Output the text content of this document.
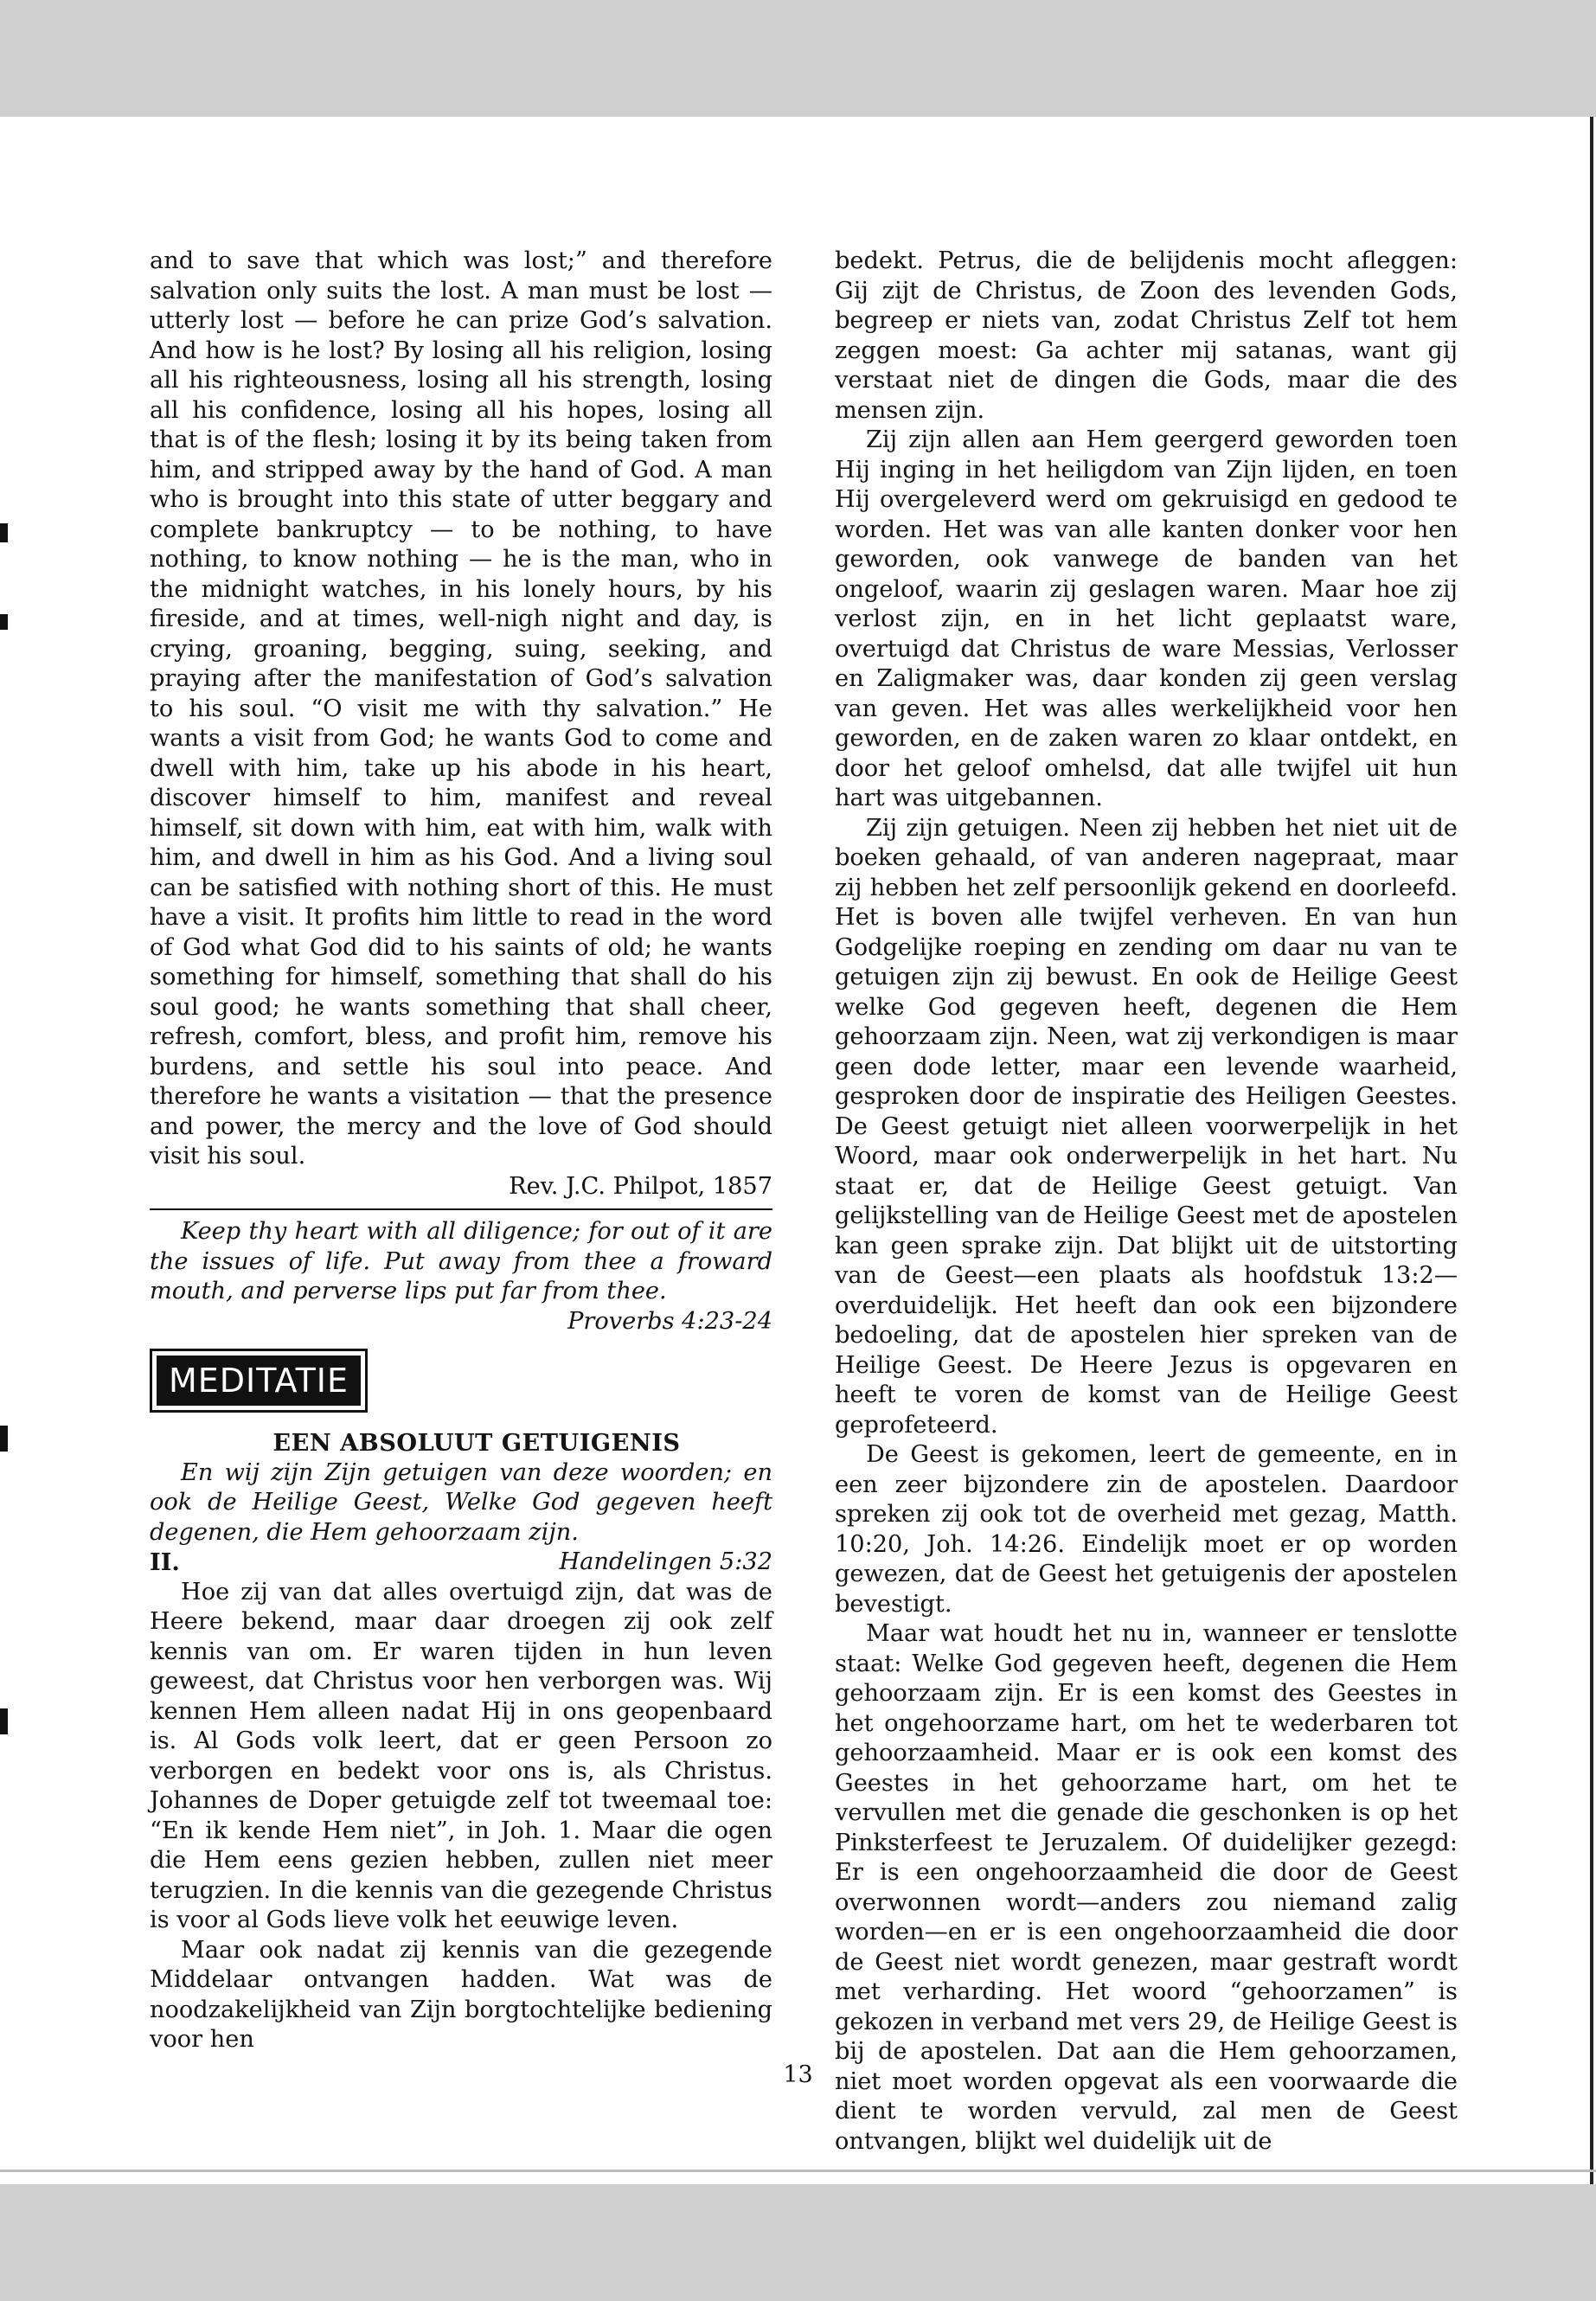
and to save that which was lost;” and therefore salvation only suits the lost. A man must be lost — utterly lost — before he can prize God’s salvation. And how is he lost? By losing all his religion, losing all his righteousness, losing all his strength, losing all his confidence, losing all his hopes, losing all that is of the flesh; losing it by its being taken from him, and stripped away by the hand of God. A man who is brought into this state of utter beggary and complete bankruptcy — to be nothing, to have nothing, to know nothing — he is the man, who in the midnight watches, in his lonely hours, by his fireside, and at times, well-nigh night and day, is crying, groaning, begging, suing, seeking, and praying after the manifestation of God’s salvation to his soul. “O visit me with thy salvation.” He wants a visit from God; he wants God to come and dwell with him, take up his abode in his heart, discover himself to him, manifest and reveal himself, sit down with him, eat with him, walk with him, and dwell in him as his God. And a living soul can be satisfied with nothing short of this. He must have a visit. It profits him little to read in the word of God what God did to his saints of old; he wants something for himself, something that shall do his soul good; he wants something that shall cheer, refresh, comfort, bless, and profit him, remove his burdens, and settle his soul into peace. And therefore he wants a visitation — that the presence and power, the mercy and the love of God should visit his soul.

Rev. J.C. Philpot, 1857

Keep thy heart with all diligence; for out of it are the issues of life. Put away from thee a froward mouth, and perverse lips put far from thee.

Proverbs 4:23-24

MEDITATIE

EEN ABSOLUUT GETUIGENIS

En wij zijn Zijn getuigen van deze woorden; en ook de Heilige Geest, Welke God gegeven heeft degenen, die Hem gehoorzaam zijn.

II.	Handelingen 5:32

Hoe zij van dat alles overtuigd zijn, dat was de Heere bekend, maar daar droegen zij ook zelf kennis van om. Er waren tijden in hun leven geweest, dat Christus voor hen verborgen was. Wij kennen Hem alleen nadat Hij in ons geopenbaard is. Al Gods volk leert, dat er geen Persoon zo verborgen en bedekt voor ons is, als Christus. Johannes de Doper getuigde zelf tot tweemaal toe: “En ik kende Hem niet”, in Joh. 1. Maar die ogen die Hem eens gezien hebben, zullen niet meer terugzien. In die kennis van die gezegende Christus is voor al Gods lieve volk het eeuwige leven.

Maar ook nadat zij kennis van die gezegende Middelaar ontvangen hadden. Wat was de noodzakelijkheid van Zijn borgtochtelijke bediening voor hen

bedekt. Petrus, die de belijdenis mocht afleggen: Gij zijt de Christus, de Zoon des levenden Gods, begreep er niets van, zodat Christus Zelf tot hem zeggen moest: Ga achter mij satanas, want gij verstaat niet de dingen die Gods, maar die des mensen zijn.

Zij zijn allen aan Hem geergerd geworden toen Hij inging in het heiligdom van Zijn lijden, en toen Hij overgeleverd werd om gekruisigd en gedood te worden. Het was van alle kanten donker voor hen geworden, ook vanwege de banden van het ongeloof, waarin zij geslagen waren. Maar hoe zij verlost zijn, en in het licht geplaatst ware, overtuigd dat Christus de ware Messias, Verlosser en Zaligmaker was, daar konden zij geen verslag van geven. Het was alles werkelijkheid voor hen geworden, en de zaken waren zo klaar ontdekt, en door het geloof omhelsd, dat alle twijfel uit hun hart was uitgebannen.

Zij zijn getuigen. Neen zij hebben het niet uit de boeken gehaald, of van anderen nagepraat, maar zij hebben het zelf persoonlijk gekend en doorleefd. Het is boven alle twijfel verheven. En van hun Godgelijke roeping en zending om daar nu van te getuigen zijn zij bewust. En ook de Heilige Geest welke God gegeven heeft, degenen die Hem gehoorzaam zijn. Neen, wat zij verkondigen is maar geen dode letter, maar een levende waarheid, gesproken door de inspiratie des Heiligen Geestes. De Geest getuigt niet alleen voorwerpelijk in het Woord, maar ook onderwerpelijk in het hart. Nu staat er, dat de Heilige Geest getuigt. Van gelijkstelling van de Heilige Geest met de apostelen kan geen sprake zijn. Dat blijkt uit de uitstorting van de Geest—een plaats als hoofdstuk 13:2—overduidelijk. Het heeft dan ook een bijzondere bedoeling, dat de apostelen hier spreken van de Heilige Geest. De Heere Jezus is opgevaren en heeft te voren de komst van de Heilige Geest geprofeteerd.

De Geest is gekomen, leert de gemeente, en in een zeer bijzondere zin de apostelen. Daardoor spreken zij ook tot de overheid met gezag, Matth. 10:20, Joh. 14:26. Eindelijk moet er op worden gewezen, dat de Geest het getuigenis der apostelen bevestigt.

Maar wat houdt het nu in, wanneer er tenslotte staat: Welke God gegeven heeft, degenen die Hem gehoorzaam zijn. Er is een komst des Geestes in het ongehoorzame hart, om het te wederbaren tot gehoorzaamheid. Maar er is ook een komst des Geestes in het gehoorzame hart, om het te vervullen met die genade die geschonken is op het Pinksterfeest te Jeruzalem. Of duidelijker gezegd: Er is een ongehoorzaamheid die door de Geest overwonnen wordt—anders zou niemand zalig worden—en er is een ongehoorzaamheid die door de Geest niet wordt genezen, maar gestraft wordt met verharding. Het woord “gehoorzamen” is gekozen in verband met vers 29, de Heilige Geest is bij de apostelen. Dat aan die Hem gehoorzamen, niet moet worden opgevat als een voorwaarde die dient te worden vervuld, zal men de Geest ontvangen, blijkt wel duidelijk uit de

13
